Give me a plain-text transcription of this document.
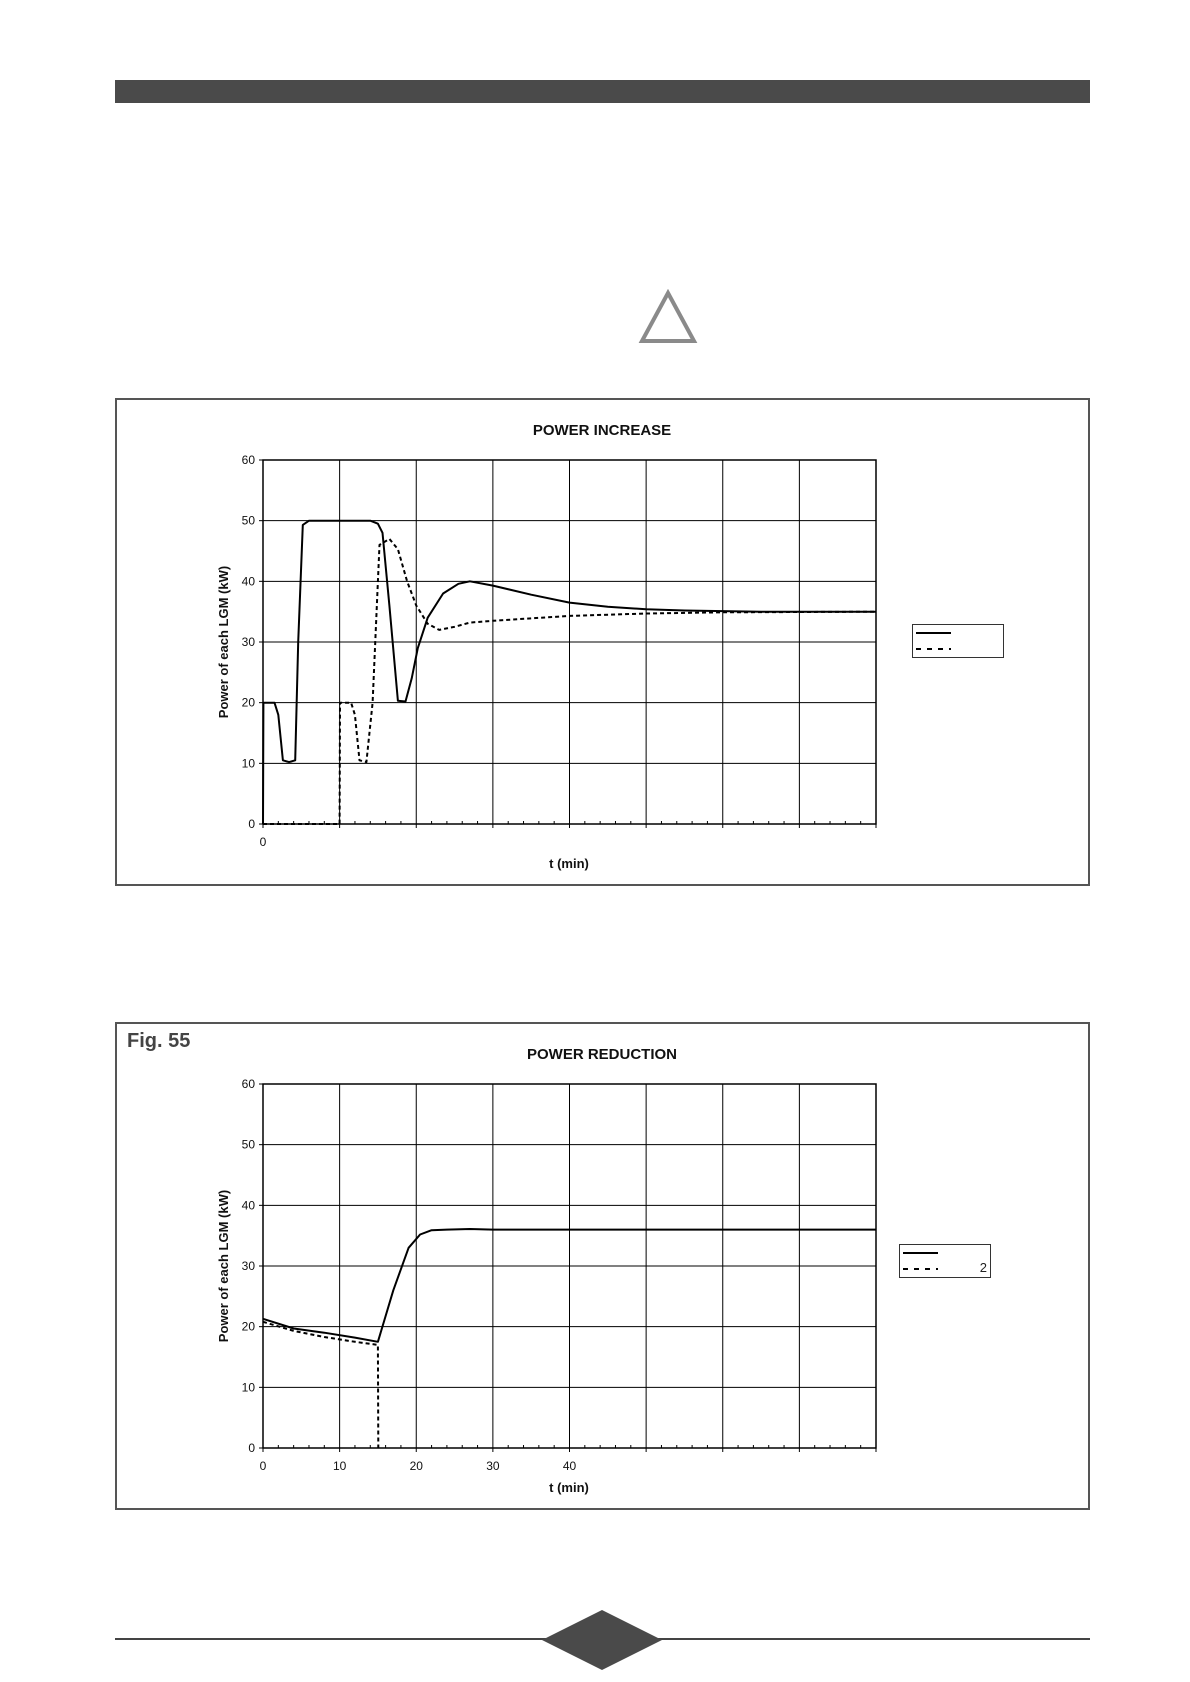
POWER INCREASE
t (min)
Power of each LGM (kW)
0
10
20
30
40
50
60
0
Fig. 55
POWER REDUCTION
t (min)
Power of each LGM (kW)
0
10
20
30
40
50
60
0	10	20	30	40
2
